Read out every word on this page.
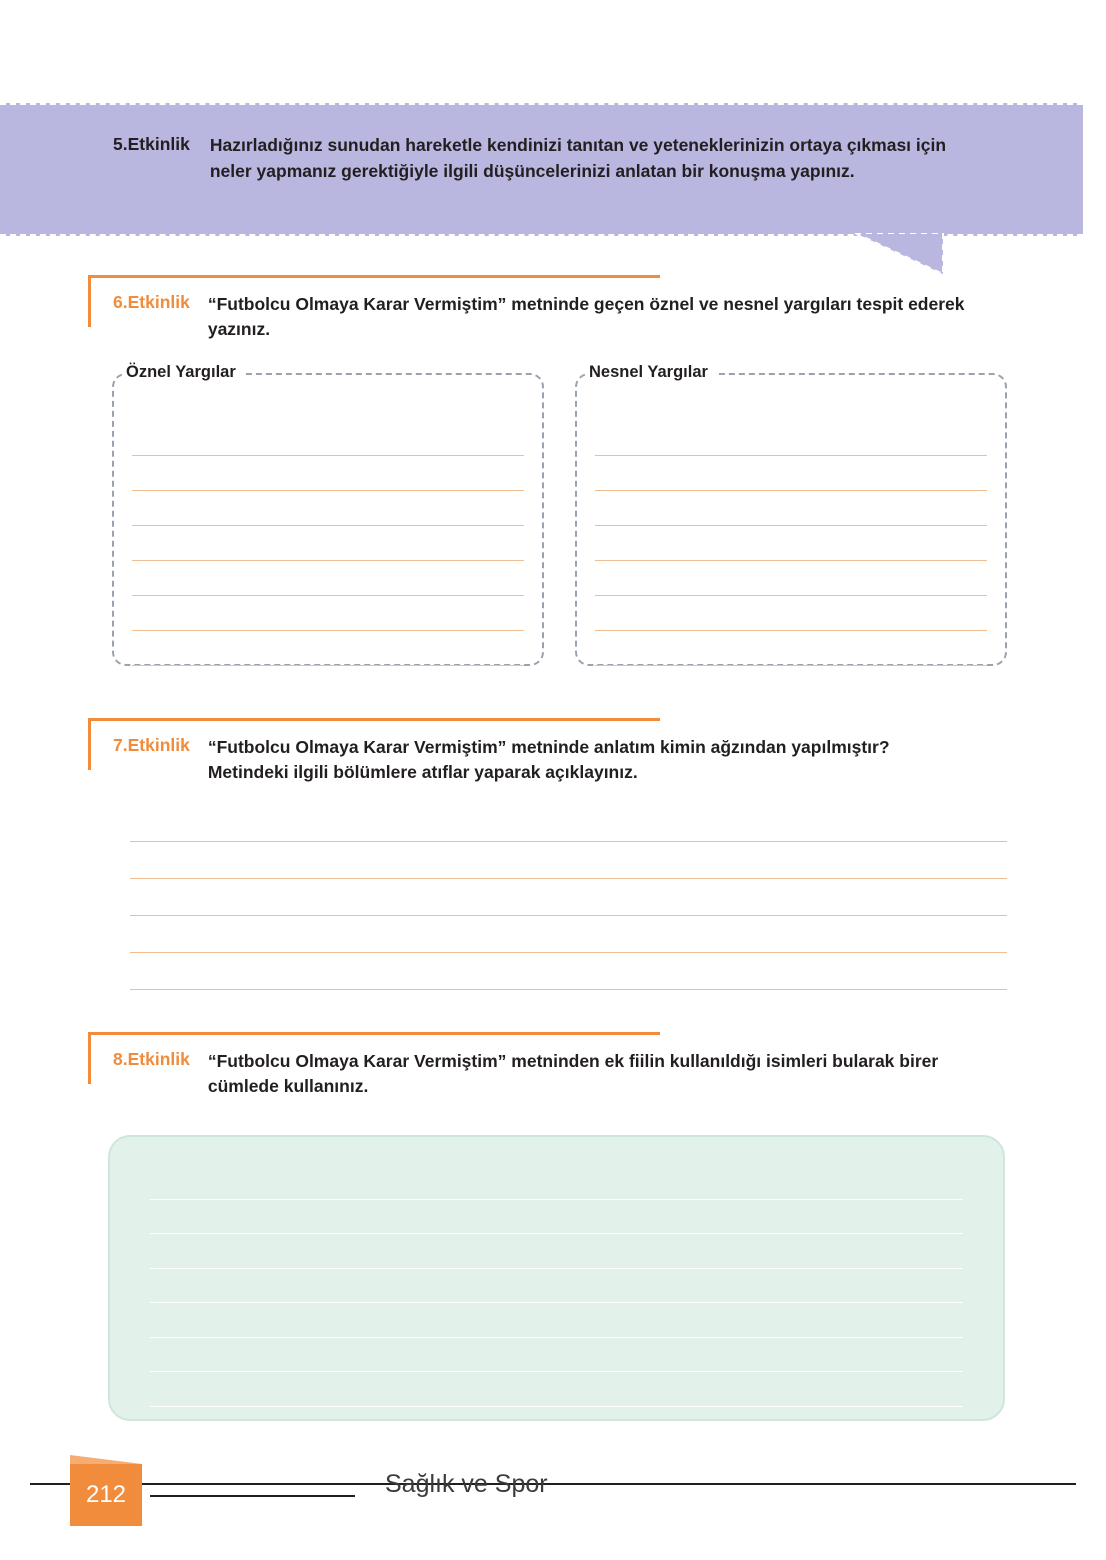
5.Etkinlik Hazırladığınız sunudan hareketle kendinizi tanıtan ve yeteneklerinizin ortaya çıkması için neler yapmanız gerektiğiyle ilgili düşüncelerinizi anlatan bir konuşma yapınız.
6.Etkinlik “Futbolcu Olmaya Karar Vermiştim” metninde geçen öznel ve nesnel yargıları tespit ederek yazınız.
Öznel Yargılar	Nesnel Yargılar
7.Etkinlik “Futbolcu Olmaya Karar Vermiştim” metninde anlatım kimin ağzından yapılmıştır? Metindeki ilgili bölümlere atıflar yaparak açıklayınız.
8.Etkinlik “Futbolcu Olmaya Karar Vermiştim” metninden ek fiilin kullanıldığı isimleri bularak birer cümlede kullanınız.
212	Sağlık ve Spor
